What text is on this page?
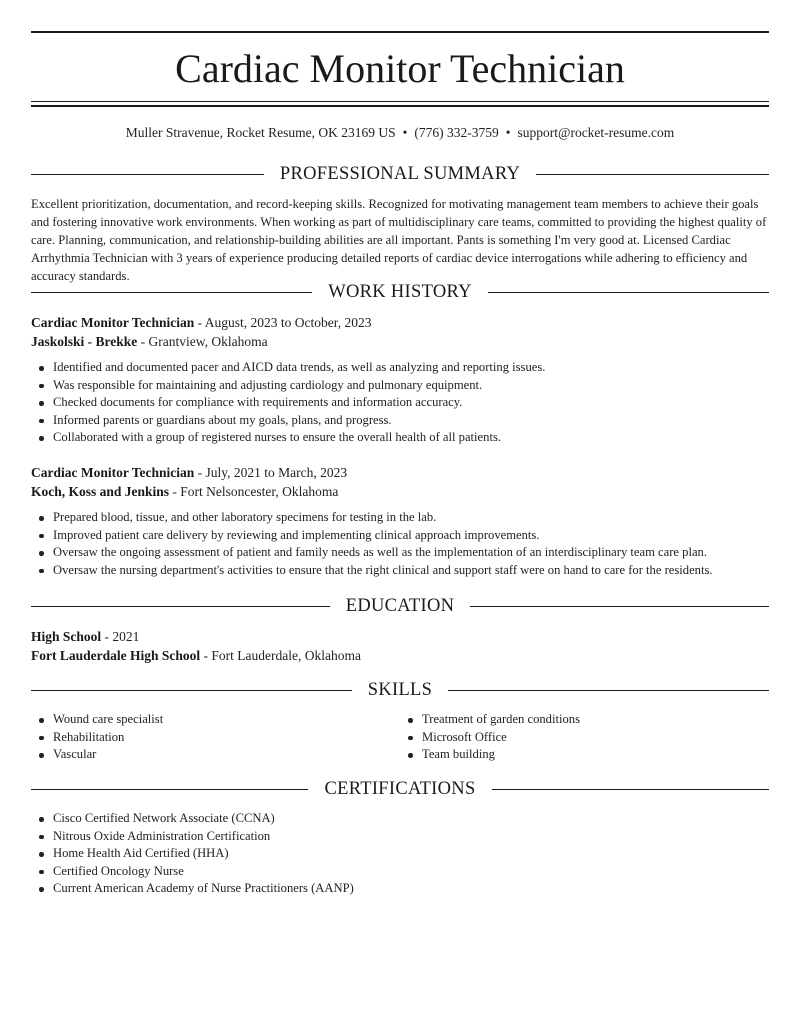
Cardiac Monitor Technician
Muller Stravenue, Rocket Resume, OK 23169 US • (776) 332-3759 • support@rocket-resume.com
PROFESSIONAL SUMMARY

Excellent prioritization, documentation, and record-keeping skills. Recognized for motivating management team members to achieve their goals and fostering innovative work environments. When working as part of multidisciplinary care teams, committed to providing the highest quality of care. Planning, communication, and relationship-building abilities are all important. Pants is something I'm very good at. Licensed Cardiac Arrhythmia Technician with 3 years of experience producing detailed reports of cardiac device interrogations while adhering to efficiency and accuracy standards.

WORK HISTORY
Cardiac Monitor Technician - August, 2023 to October, 2023
Jaskolski - Brekke - Grantview, Oklahoma
Identified and documented pacer and AICD data trends, as well as analyzing and reporting issues.
Was responsible for maintaining and adjusting cardiology and pulmonary equipment.
Checked documents for compliance with requirements and information accuracy.
Informed parents or guardians about my goals, plans, and progress.
Collaborated with a group of registered nurses to ensure the overall health of all patients.
Cardiac Monitor Technician - July, 2021 to March, 2023
Koch, Koss and Jenkins - Fort Nelsoncester, Oklahoma
Prepared blood, tissue, and other laboratory specimens for testing in the lab.
Improved patient care delivery by reviewing and implementing clinical approach improvements.
Oversaw the ongoing assessment of patient and family needs as well as the implementation of an interdisciplinary team care plan.
Oversaw the nursing department's activities to ensure that the right clinical and support staff were on hand to care for the residents.
EDUCATION
High School - 2021
Fort Lauderdale High School - Fort Lauderdale, Oklahoma
SKILLS
Wound care specialist
Rehabilitation
Vascular
Treatment of garden conditions
Microsoft Office
Team building
CERTIFICATIONS
Cisco Certified Network Associate (CCNA)
Nitrous Oxide Administration Certification
Home Health Aid Certified (HHA)
Certified Oncology Nurse
Current American Academy of Nurse Practitioners (AANP)
